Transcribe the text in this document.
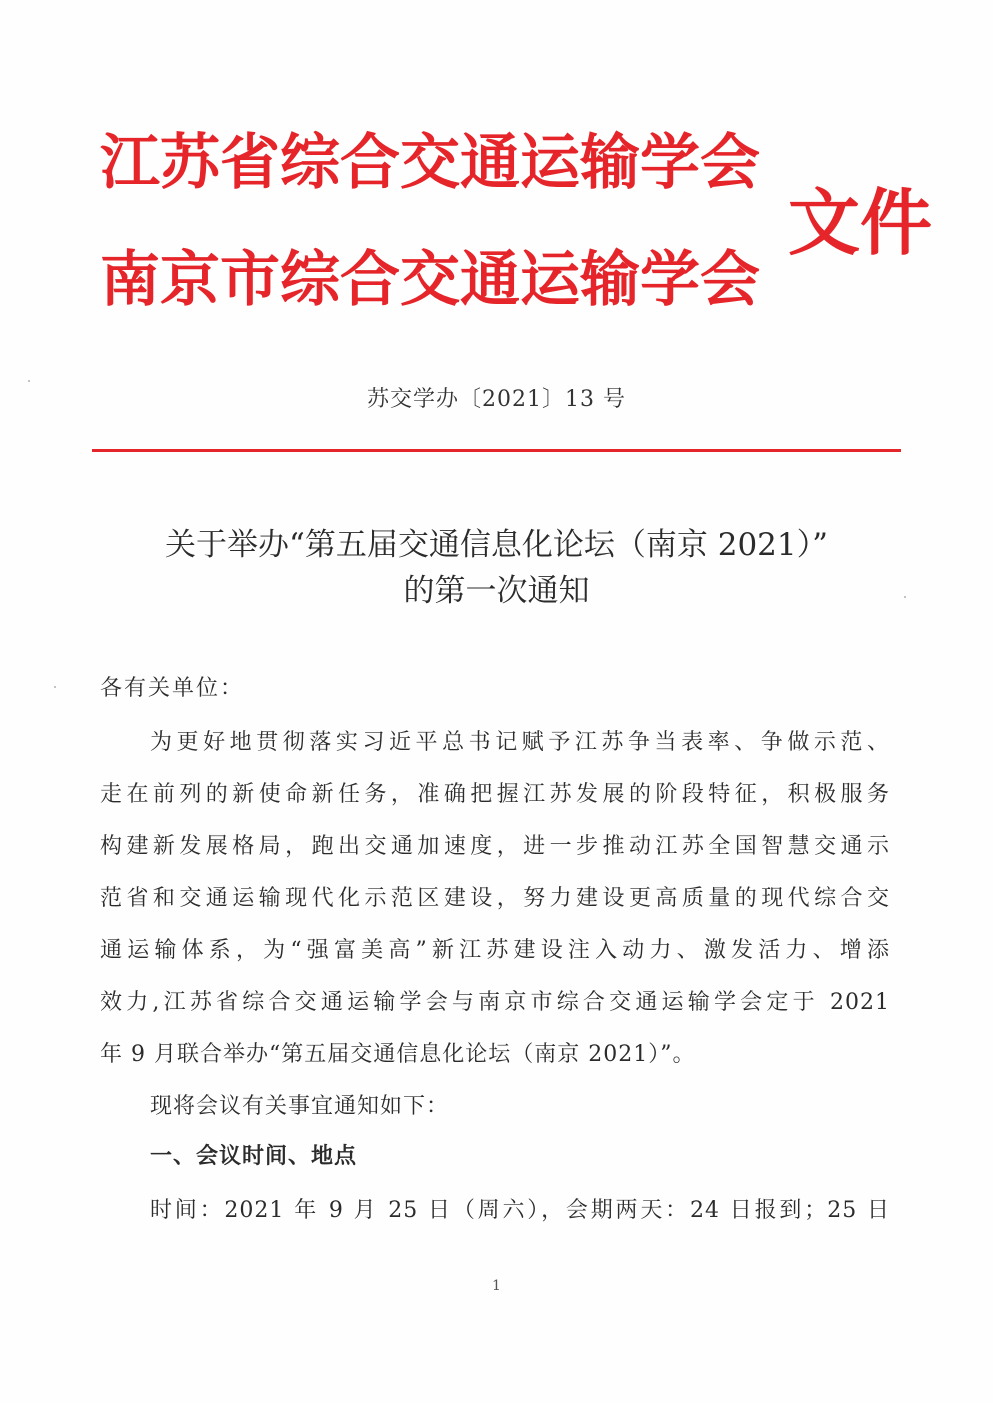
江苏省综合交通运输学会
南京市综合交通运输学会
文件
苏交学办〔2021〕13 号
关于举办“第五届交通信息化论坛（南京 2021）”
的第一次通知
各有关单位：
为更好地贯彻落实习近平总书记赋予江苏争当表率、争做示范、
走在前列的新使命新任务，准确把握江苏发展的阶段特征，积极服务
构建新发展格局，跑出交通加速度，进一步推动江苏全国智慧交通示
范省和交通运输现代化示范区建设，努力建设更高质量的现代综合交
通运输体系，为“强富美高”新江苏建设注入动力、激发活力、增添
效力,江苏省综合交通运输学会与南京市综合交通运输学会定于 2021
年 9 月联合举办“第五届交通信息化论坛（南京 2021）”。
现将会议有关事宜通知如下：
一、会议时间、地点
时间：2021 年 9 月 25 日（周六），会期两天：24 日报到；25 日
1
